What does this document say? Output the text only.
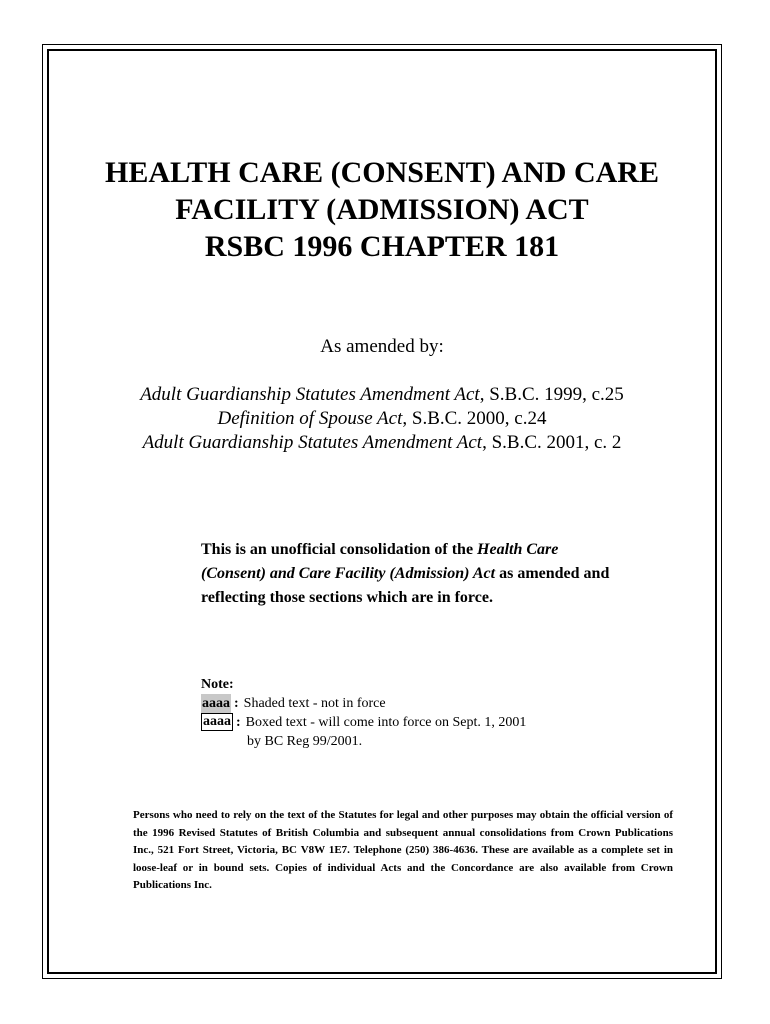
HEALTH CARE (CONSENT) AND CARE
FACILITY (ADMISSION) ACT
RSBC 1996 CHAPTER 181

As amended by:

Adult Guardianship Statutes Amendment Act, S.B.C. 1999, c.25
Definition of Spouse Act, S.B.C. 2000, c.24
Adult Guardianship Statutes Amendment Act, S.B.C. 2001, c. 2

This is an unofficial consolidation of the Health Care (Consent) and Care Facility (Admission) Act as amended and reflecting those sections which are in force.

Note:
aaaa : Shaded text - not in force
aaaa : Boxed text - will come into force on Sept. 1, 2001
by BC Reg 99/2001.

Persons who need to rely on the text of the Statutes for legal and other purposes may obtain the official version of the 1996 Revised Statutes of British Columbia and subsequent annual consolidations from Crown Publications Inc., 521 Fort Street, Victoria, BC V8W 1E7. Telephone (250) 386-4636. These are available as a complete set in loose-leaf or in bound sets. Copies of individual Acts and the Concordance are also available from Crown Publications Inc.
